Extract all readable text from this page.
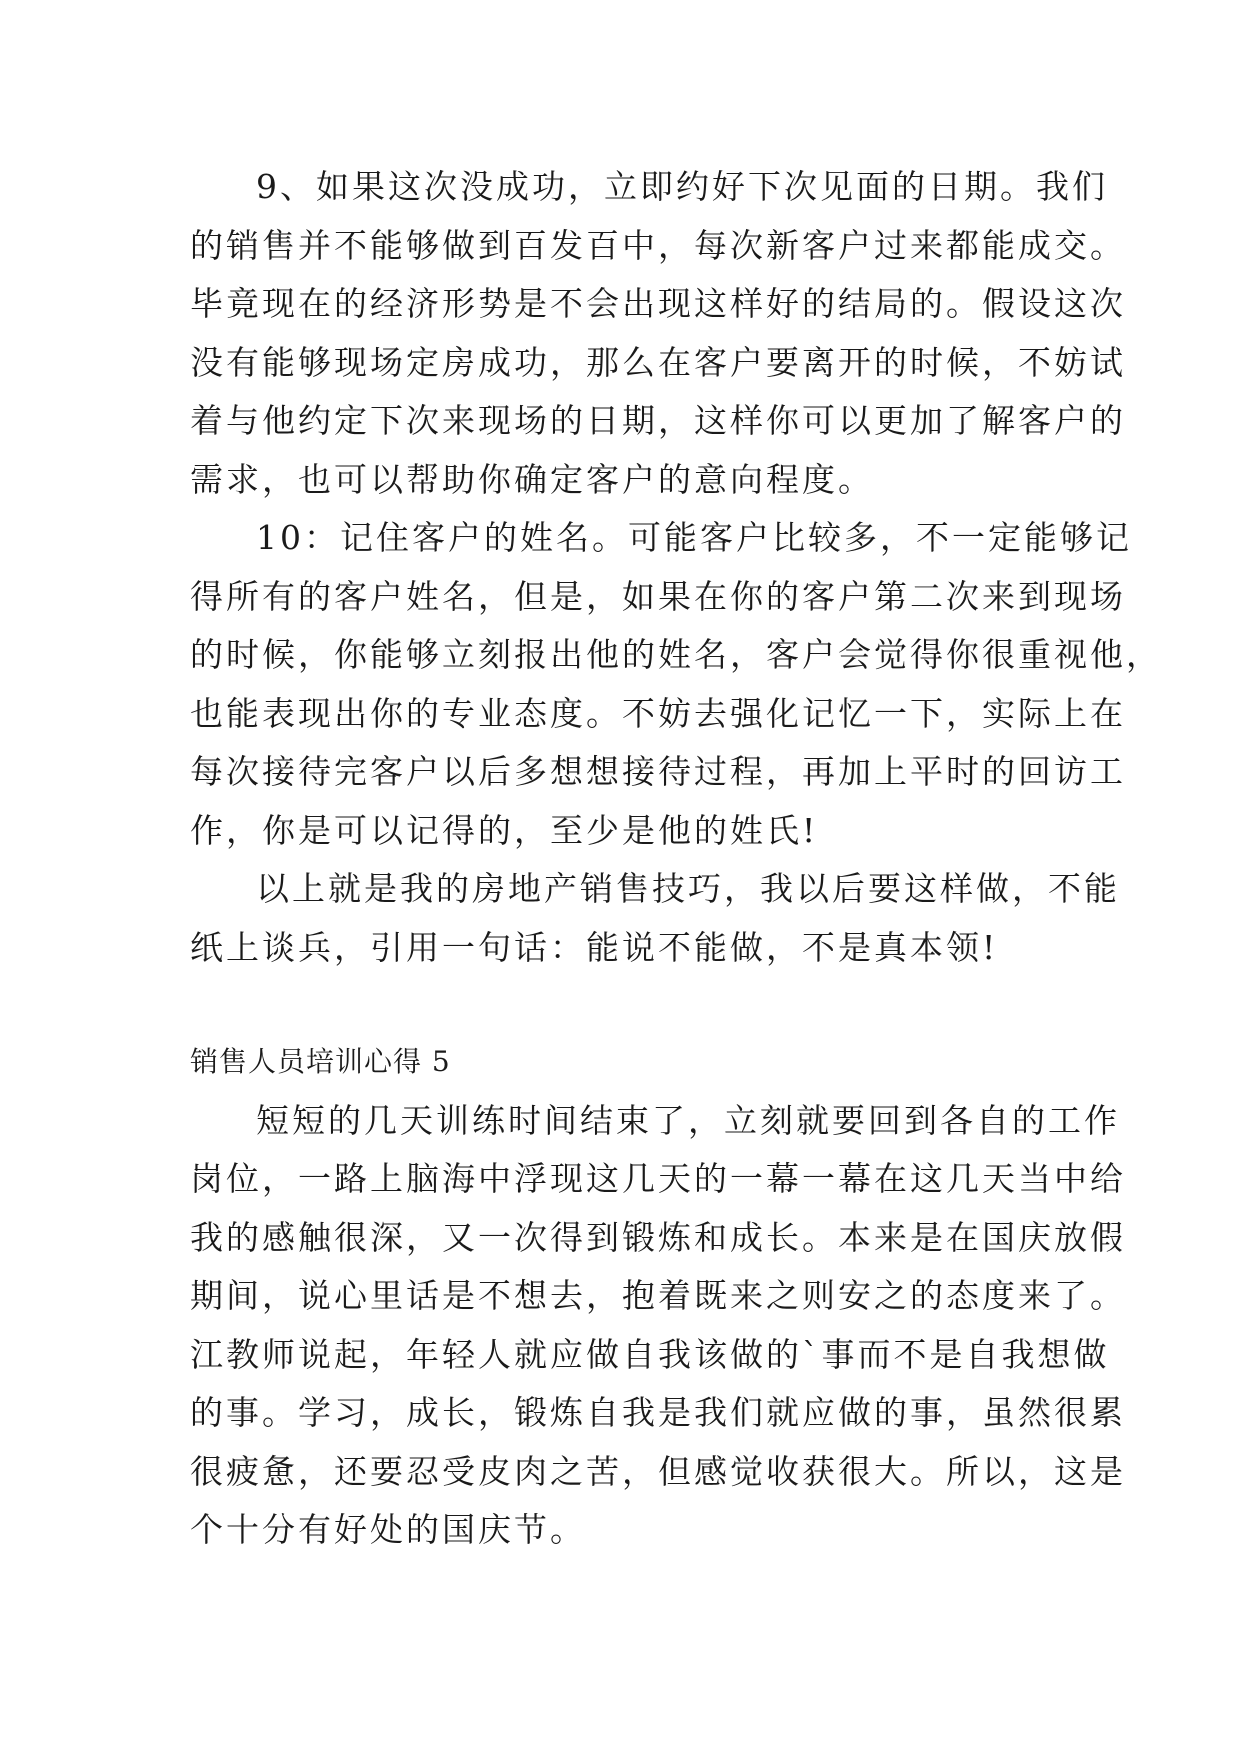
9、如果这次没成功，立即约好下次见面的日期。我们
的销售并不能够做到百发百中，每次新客户过来都能成交。
毕竟现在的经济形势是不会出现这样好的结局的。假设这次
没有能够现场定房成功，那么在客户要离开的时候，不妨试
着与他约定下次来现场的日期，这样你可以更加了解客户的
需求，也可以帮助你确定客户的意向程度。

10：记住客户的姓名。可能客户比较多，不一定能够记
得所有的客户姓名，但是，如果在你的客户第二次来到现场
的时候，你能够立刻报出他的姓名，客户会觉得你很重视他，
也能表现出你的专业态度。不妨去强化记忆一下，实际上在
每次接待完客户以后多想想接待过程，再加上平时的回访工
作，你是可以记得的，至少是他的姓氏!

以上就是我的房地产销售技巧，我以后要这样做，不能
纸上谈兵，引用一句话：能说不能做，不是真本领!

销售人员培训心得 5

短短的几天训练时间结束了，立刻就要回到各自的工作
岗位，一路上脑海中浮现这几天的一幕一幕在这几天当中给
我的感触很深，又一次得到锻炼和成长。本来是在国庆放假
期间，说心里话是不想去，抱着既来之则安之的态度来了。
江教师说起，年轻人就应做自我该做的`事而不是自我想做
的事。学习，成长，锻炼自我是我们就应做的事，虽然很累
很疲惫，还要忍受皮肉之苦，但感觉收获很大。所以，这是
个十分有好处的国庆节。
